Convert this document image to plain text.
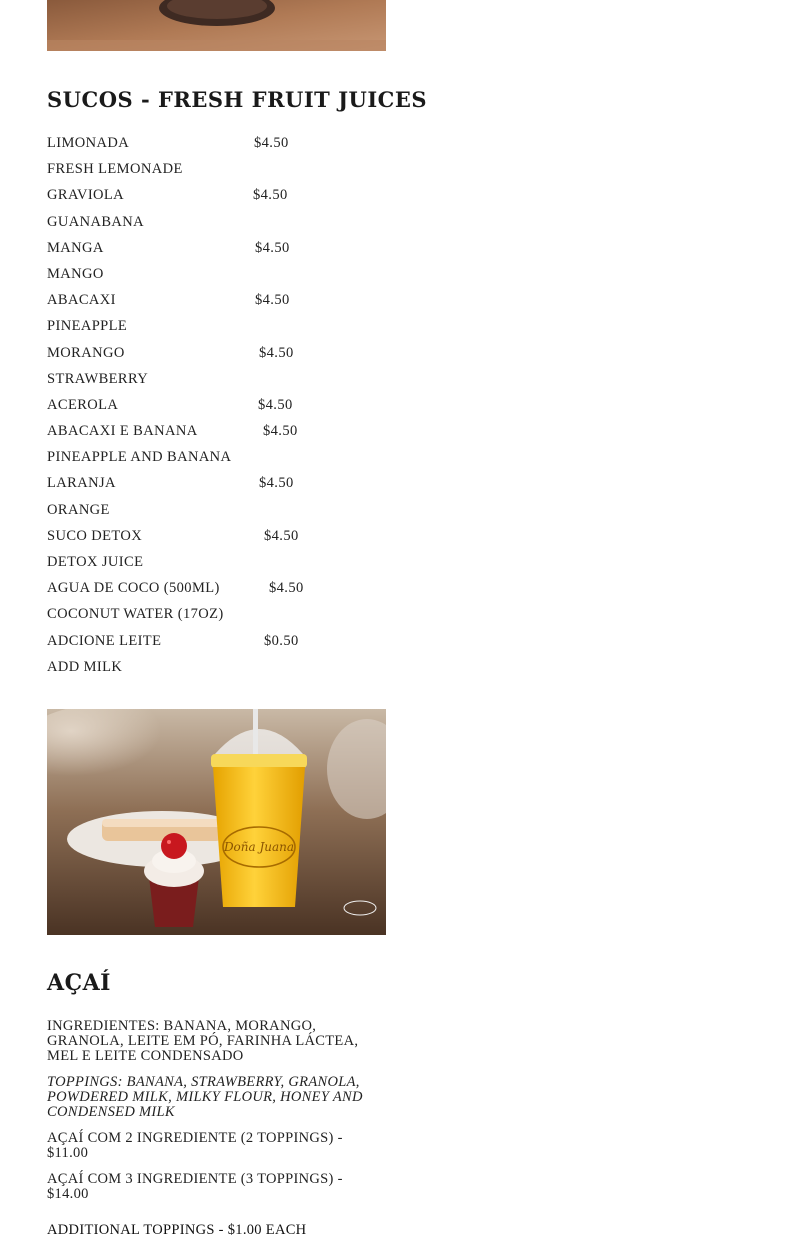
SUCOS - FRESH FRUIT JUICES
LIMONADA	$4.50
FRESH LEMONADE
GRAVIOLA	$4.50
GUANABANA
MANGA	$4.50
MANGO
ABACAXI	$4.50
PINEAPPLE
MORANGO	$4.50
STRAWBERRY
ACEROLA	$4.50
ABACAXI E BANANA	$4.50
PINEAPPLE AND BANANA
LARANJA	$4.50
ORANGE
SUCO DETOX	$4.50
DETOX JUICE
AGUA DE COCO (500ML)	$4.50
COCONUT WATER (17OZ)
ADCIONE LEITE	$0.50
ADD MILK
Doña Juana
AÇAÍ

INGREDIENTES: BANANA, MORANGO, GRANOLA, LEITE EM PÓ, FARINHA LÁCTEA, MEL E LEITE CONDENSADO

TOPPINGS: BANANA, STRAWBERRY, GRANOLA, POWDERED MILK, MILKY FLOUR, HONEY AND CONDENSED MILK

AÇAÍ COM 2 INGREDIENTE (2 TOPPINGS) - $11.00

AÇAÍ COM 3 INGREDIENTE (3 TOPPINGS) - $14.00

ADDITIONAL TOPPINGS - $1.00 EACH
